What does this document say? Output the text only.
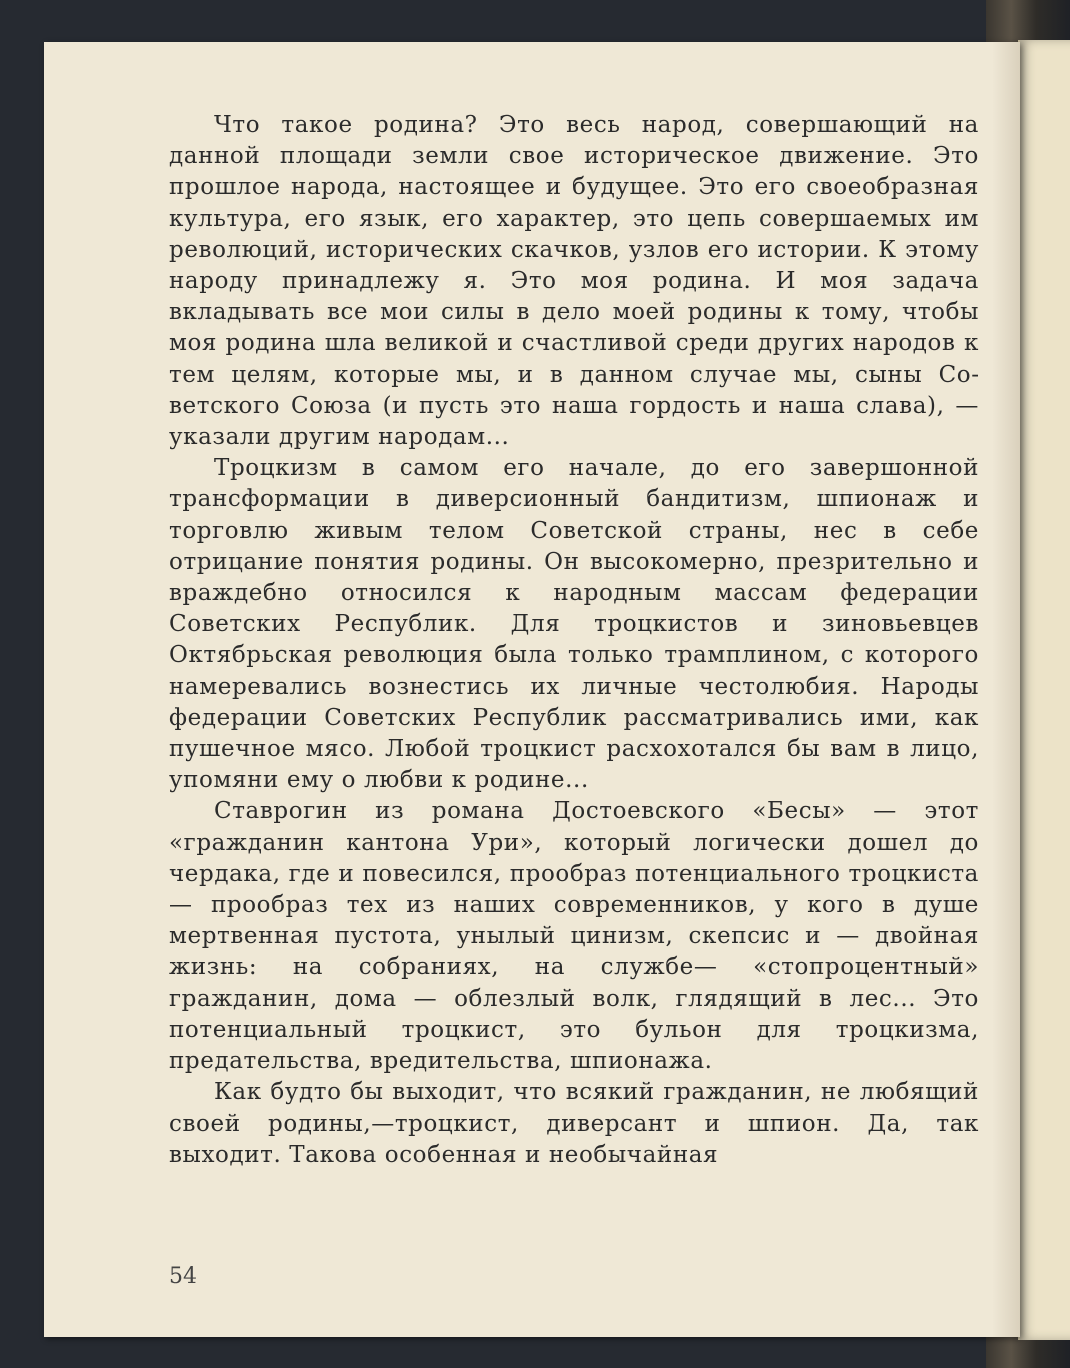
Что такое родина? Это весь народ, совершающий на данной площади земли свое историческое движение. Это прошлое народа, настоящее и будущее. Это его своеобразная культура, его язык, его характер, это цепь совершаемых им революций, исторических скачков, узлов его истории. К этому народу принадлежу я. Это моя родина. И моя задача вкладывать все мои силы в дело моей родины к тому, чтобы моя родина шла великой и счастливой среди других народов к тем целям, которые мы, и в данном случае мы, сыны Советского Союза (и пусть это наша гордость и наша слава), — указали другим народам...

Троцкизм в самом его начале, до его завершонной трансформации в диверсионный бандитизм, шпионаж и торговлю живым телом Советской страны, нес в себе отрицание понятия родины. Он высокомерно, презрительно и враждебно относился к народным массам федерации Советских Республик. Для троцкистов и зиновьевцев Октябрьская революция была только трамплином, с которого намеревались вознестись их личные честолюбия. Народы федерации Советских Республик рассматривались ими, как пушечное мясо. Любой троцкист расхохотался бы вам в лицо, упомяни ему о любви к родине...

Ставрогин из романа Достоевского «Бесы» — этот «гражданин кантона Ури», который логически дошел до чердака, где и повесился, прообраз потенциального троцкиста — прообраз тех из наших современников, у кого в душе мертвенная пустота, унылый цинизм, скепсис и — двойная жизнь: на собраниях, на службе— «стопроцентный» гражданин, дома — облезлый волк, глядящий в лес... Это потенциальный троцкист, это бульон для троцкизма, предательства, вредительства, шпионажа.

Как будто бы выходит, что всякий гражданин, не любящий своей родины,—троцкист, диверсант и шпион. Да, так выходит. Такова особенная и необычайная

54
